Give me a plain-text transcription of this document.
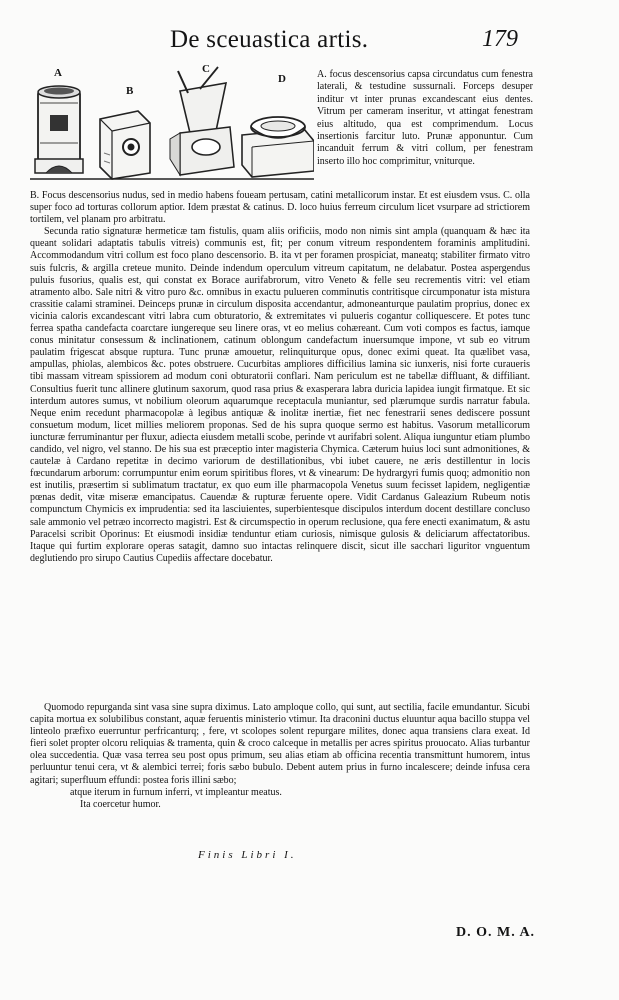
De sceuastica artis.	179
A
B
C
D	A. focus descensorius capsa circundatus cum fenestra laterali, & testudine sussurnali. Forceps desuper inditur vt inter prunas excandescant eius dentes. Vitrum per cameram inseritur, vt attingat fenestram eius altitudo, qua est comprimendum. Locus insertionis farcitur luto. Prunæ apponuntur. Cum incanduit ferrum & vitri collum, per fenestram inserto illo hoc comprimitur, vniturque.

B. Focus descensorius nudus, sed in medio habens foueam pertusam, catini metallicorum instar. Et est eiusdem vsus. C. olla super foco ad torturas collorum aptior. Idem præstat & catinus. D. loco huius ferreum circulum licet vsurpare ad strictiorem tortilem, vel planam pro arbitratu.

Secunda ratio signaturæ hermeticæ tam fistulis, quam aliis orificiis, modo non nimis sint ampla (quanquam & hæc ita queant solidari adaptatis tabulis vitreis) communis est, fit; per conum vitreum respondentem foraminis amplitudini. Accommodandum vitri collum est foco plano descensorio. B. ita vt per foramen prospiciat, maneatq; stabiliter firmato vitro suis fulcris, & argilla creteue munito. Deinde indendum operculum vitreum capitatum, ne delabatur. Postea aspergendus puluis fusorius, qualis est, qui constat ex Borace aurifabrorum, vitro Veneto & felle seu recrementis vitri: vel etiam atramento albo. Sale nitri & vitro puro &c. omnibus in exactu pulueren comminutis contritisque circumponatur ista mistura crassitie calami straminei. Deinceps prunæ in circulum disposita accendantur, admoneanturque paulatim proprius, donec ex vicinia caloris excandescant vitri labra cum obturatorio, & extremitates vi pulueris cogantur colliquescere. Et potes tunc ferrea spatha candefacta coarctare iungereque seu linere oras, vt eo melius cohæreant. Cum voti compos es factus, iamque conus minitatur consessum & inclinationem, catinum oblongum candefactum inuersumque impone, vt sub eo vitrum paulatim frigescat absque ruptura. Tunc prunæ amouetur, relinquiturque opus, donec eximi queat. Ita quælibet vasa, ampullas, phiolas, alembicos &c. potes obstruere. Cucurbitas ampliores difficilius lamina sic iunxeris, nisi forte curaueris tibi massam vitream spissiorem ad modum coni obturatorii conflari. Nam periculum est ne tabellæ diffluant, & diffiliant. Consultius fuerit tunc allinere glutinum saxorum, quod rasa prius & exasperara labra duricia lapidea iungit firmatque. Et sic interdum autores sumus, vt nobilium oleorum aquarumque receptacula muniantur, sed plærumque surdis narratur fabula. Neque enim recedunt pharmacopolæ à legibus antiquæ & inolitæ inertiæ, fiet nec fenestrarii senes dediscere possunt consuetum modum, licet millies meliorem proponas. Sed de his supra quoque sermo est habitus. Vasorum metallicorum iuncturæ ferruminantur per fluxur, adiecta eiusdem metalli scobe, perinde vt aurifabri solent. Aliqua iunguntur etiam plumbo candido, vel nigro, vel stanno. De his sua est præceptio inter magisteria Chymica. Cæterum huius loci sunt admonitiones, & cautelæ à Cardano repetitæ in decimo variorum de destillationibus, vbi iubet cauere, ne æris destillentur in locis fœcundarum arborum: corrumpuntur enim eorum spiritibus flores, vt & vinearum: De hydrargyri fumis quoq; admonitio non est inutilis, præsertim si sublimatum tractatur, ex quo eum ille pharmacopola Venetus suum fecisset lapidem, negligentiæ pœnas dedit, vitæ miseræ emancipatus. Cauendæ & rupturæ feruente opere. Vidit Cardanus Galeazium Rubeum notis compunctum Chymicis ex imprudentia: sed ita lasciuientes, superbientesque discipulos interdum docent destillare concluso sale ammonio vel petræo incorrecto magistri. Est & circumspectio in operum reclusione, qua fere enecti exanimatum, & astu Paracelsi scribit Oporinus: Et eiusmodi insidiæ tenduntur etiam curiosis, nimisque gulosis & deliciarum affectatoribus. Itaque qui furtim explorare operas satagit, damno suo intactas relinquere discit, sicut ille sacchari liguritor vnguentum deglutiendo pro sirupo Cautius Cupediis affectare docebatur.

Quomodo repurganda sint vasa sine supra diximus. Lato amploque collo, qui sunt, aut sectilia, facile emundantur. Sicubi capita mortua ex solubilibus constant, aquæ feruentis ministerio vtimur. Ita draconini ductus eluuntur aqua bacillo stuppa vel linteolo præfixo euerruntur perfricanturq; , fere, vt scolopes solent repurgare milites, donec aqua transiens clara exeat. Id fieri solet propter olcoru reliquias & tramenta, quin & croco calceque in metallis per acres spiritus prouocato. Alias turbantur olea succedentia. Quæ vasa terrea seu post opus primum, seu alias etiam ab officina recentia transmittunt humorem, intus perluuntur tenui cera, vt & alembici terrei; foris sæbo bubulo. Debent autem prius in furno incalescere; deinde infusa cera agitari; superfluum effundi: postea foris illini sæbo;
atque iterum in furnum inferri, vt impleantur meatus.
Ita coercetur humor.
Finis Libri I.
D. O. M. A.
